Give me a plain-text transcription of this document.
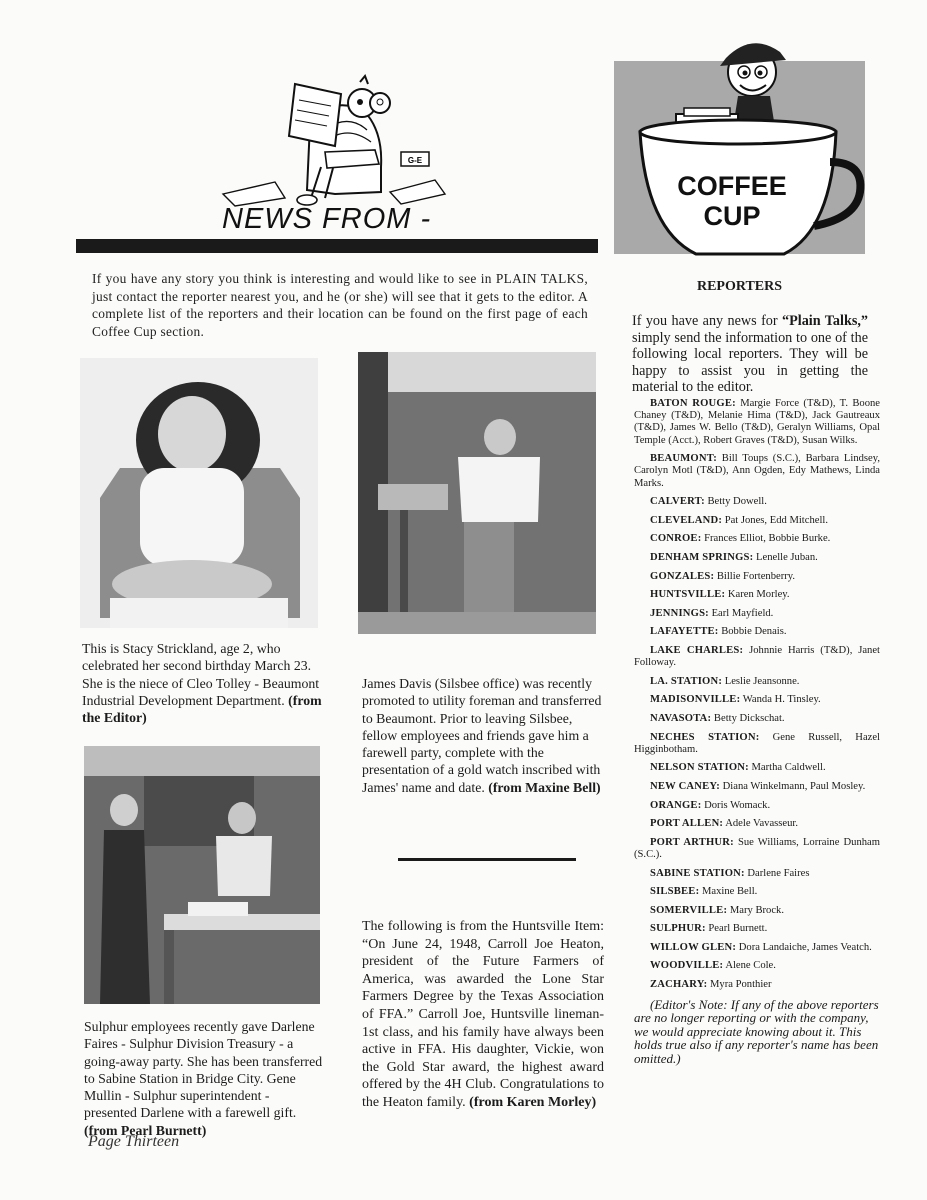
G-E
NEWS FROM -
COFFEE
CUP
If you have any story you think is interesting and would like to see in PLAIN TALKS, just contact the reporter nearest you, and he (or she) will see that it gets to the editor. A complete list of the reporters and their location can be found on the first page of each Coffee Cup section.
This is Stacy Strickland, age 2, who celebrated her second birthday March 23. She is the niece of Cleo Tolley - Beaumont Industrial Development Department. (from the Editor)
James Davis (Silsbee office) was recently promoted to utility foreman and transferred to Beaumont. Prior to leaving Silsbee, fellow employees and friends gave him a farewell party, complete with the presentation of a gold watch inscribed with James' name and date. (from Maxine Bell)
Sulphur employees recently gave Darlene Faires - Sulphur Division Treasury - a going-away party. She has been transferred to Sabine Station in Bridge City. Gene Mullin - Sulphur superintendent - presented Darlene with a farewell gift. (from Pearl Burnett)
The following is from the Huntsville Item: “On June 24, 1948, Carroll Joe Heaton, president of the Future Farmers of America, was awarded the Lone Star Farmers Degree by the Texas Association of FFA.” Carroll Joe, Huntsville lineman-1st class, and his family have always been active in FFA. His daughter, Vickie, won the Gold Star award, the highest award offered by the 4H Club. Congratulations to the Heaton family. (from Karen Morley)
Page Thirteen
REPORTERS
If you have any news for “Plain Talks,” simply send the information to one of the following local reporters. They will be happy to assist you in getting the material to the editor.
BATON ROUGE: Margie Force (T&D), T. Boone Chaney (T&D), Melanie Hima (T&D), Jack Gautreaux (T&D), James W. Bello (T&D), Geralyn Williams, Opal Temple (Acct.), Robert Graves (T&D), Susan Wilks.
BEAUMONT: Bill Toups (S.C.), Barbara Lindsey, Carolyn Motl (T&D), Ann Ogden, Edy Mathews, Linda Marks.
CALVERT: Betty Dowell.
CLEVELAND: Pat Jones, Edd Mitchell.
CONROE: Frances Elliot, Bobbie Burke.
DENHAM SPRINGS: Lenelle Juban.
GONZALES: Billie Fortenberry.
HUNTSVILLE: Karen Morley.
JENNINGS: Earl Mayfield.
LAFAYETTE: Bobbie Denais.
LAKE CHARLES: Johnnie Harris (T&D), Janet Followay.
LA. STATION: Leslie Jeansonne.
MADISONVILLE: Wanda H. Tinsley.
NAVASOTA: Betty Dickschat.
NECHES STATION: Gene Russell, Hazel Higginbotham.
NELSON STATION: Martha Caldwell.
NEW CANEY: Diana Winkelmann, Paul Mosley.
ORANGE: Doris Womack.
PORT ALLEN: Adele Vavasseur.
PORT ARTHUR: Sue Williams, Lorraine Dunham (S.C.).
SABINE STATION: Darlene Faires
SILSBEE: Maxine Bell.
SOMERVILLE: Mary Brock.
SULPHUR: Pearl Burnett.
WILLOW GLEN: Dora Landaiche, James Veatch.
WOODVILLE: Alene Cole.
ZACHARY: Myra Ponthier
(Editor's Note: If any of the above reporters are no longer reporting or with the company, we would appreciate knowing about it. This holds true also if any reporter's name has been omitted.)
